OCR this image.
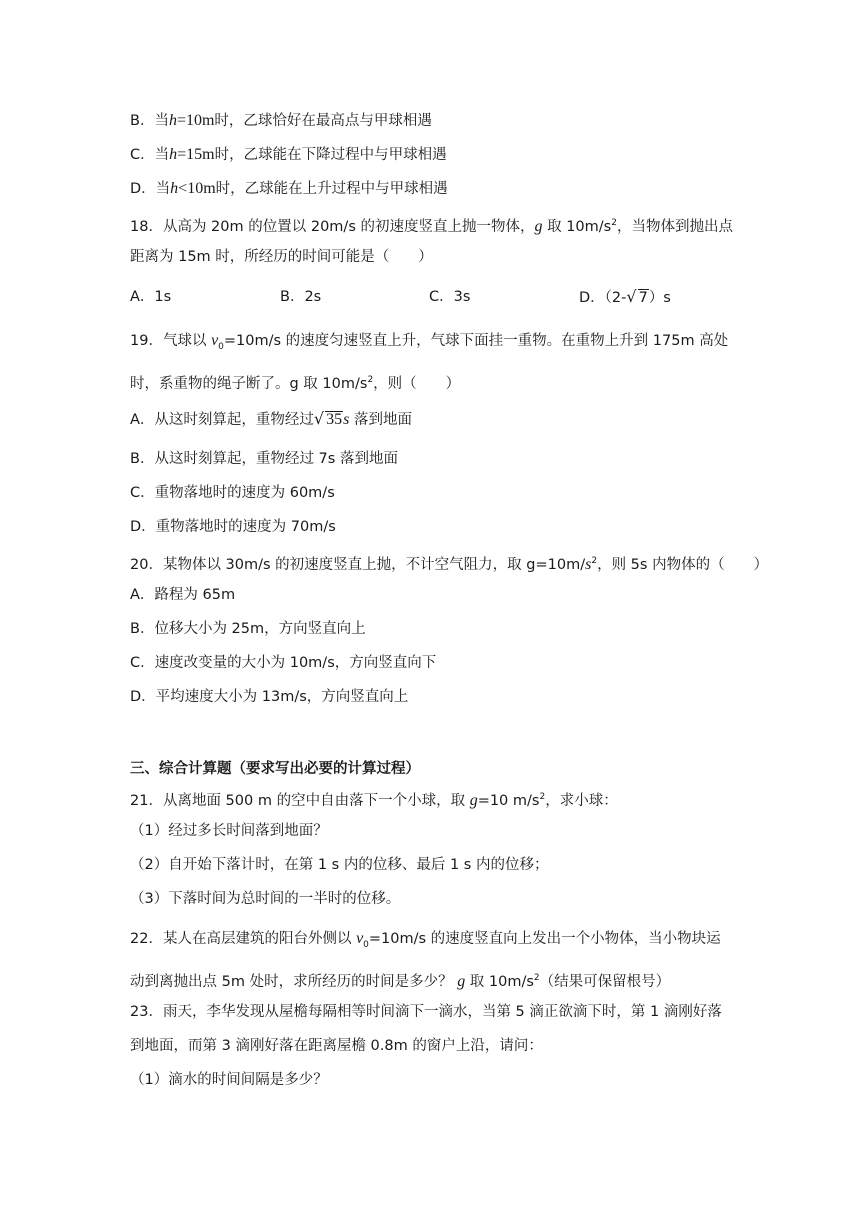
B．当h=10m时，乙球恰好在最高点与甲球相遇
C．当h=15m时，乙球能在下降过程中与甲球相遇
D．当h<10m时，乙球能在上升过程中与甲球相遇
18．从高为 20m 的位置以 20m/s 的初速度竖直上抛一物体，g 取 $10m/s^2$，当物体到抛出点
距离为 15m 时，所经历的时间可能是（　　）
A．1s	B．2s	C．3s	D．（2-√ 7）s
19．气球以 $v_0=10m/s$ 的速度匀速竖直上升，气球下面挂一重物。在重物上升到 175m 高处
时，系重物的绳子断了。g 取 $10m/s^2$，则（　　）
A．从这时刻算起，重物经过√ 35s 落到地面
B．从这时刻算起，重物经过 7s 落到地面
C．重物落地时的速度为 60m/s
D．重物落地时的速度为 70m/s
20．某物体以 30m/s 的初速度竖直上抛，不计空气阻力，取 $g=10m/s^2$，则 5s 内物体的（　　）
A．路程为 65m
B．位移大小为 25m，方向竖直向上
C．速度改变量的大小为 10m/s，方向竖直向下
D．平均速度大小为 13m/s，方向竖直向上
三、综合计算题（要求写出必要的计算过程）
21．从离地面 500 m 的空中自由落下一个小球，取 g=10 $m/s^2$，求小球：
（1）经过多长时间落到地面？
（2）自开始下落计时，在第 1 s 内的位移、最后 1 s 内的位移；
（3）下落时间为总时间的一半时的位移。
22．某人在高层建筑的阳台外侧以 $v_0=10m/s$ 的速度竖直向上发出一个小物体，当小物块运
动到离抛出点 5m 处时，求所经历的时间是多少？ g 取 $10m/s^2$（结果可保留根号）
23．雨天，李华发现从屋檐每隔相等时间滴下一滴水，当第 5 滴正欲滴下时，第 1 滴刚好落
到地面，而第 3 滴刚好落在距离屋檐 0.8m 的窗户上沿，请问：
（1）滴水的时间间隔是多少？
